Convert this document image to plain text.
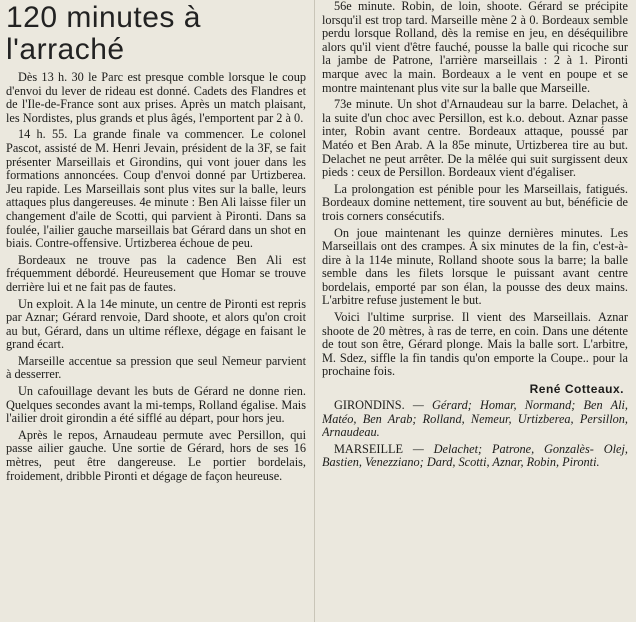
120 minutes à l'arraché

Dès 13 h. 30 le Parc est presque comble lorsque le coup d'envoi du lever de rideau est donné. Cadets des Flandres et de l'Ile-de-France sont aux prises. Après un match plaisant, les Nordistes, plus grands et plus âgés, l'emportent par 2 à 0.

14 h. 55. La grande finale va commencer. Le colonel Pascot, assisté de M. Henri Jevain, président de la 3F, se fait présenter Marseillais et Girondins, qui vont jouer dans les formations annoncées. Coup d'envoi donné par Urtizberea. Jeu rapide. Les Marseillais sont plus vites sur la balle, leurs attaques plus dangereuses. 4e minute : Ben Ali laisse filer un changement d'aile de Scotti, qui parvient à Pironti. Dans sa foulée, l'ailier gauche marseillais bat Gérard dans un shot en biais. Contre-offensive. Urtizberea échoue de peu.

Bordeaux ne trouve pas la cadence Ben Ali est fréquemment débordé. Heureusement que Homar se trouve derrière lui et ne fait pas de fautes.

Un exploit. A la 14e minute, un centre de Pironti est repris par Aznar; Gérard renvoie, Dard shoote, et alors qu'on croit au but, Gérard, dans un ultime réflexe, dégage en faisant le grand écart.

Marseille accentue sa pression que seul Nemeur parvient à desserrer.

Un cafouillage devant les buts de Gérard ne donne rien. Quelques secondes avant la mi-temps, Rolland égalise. Mais l'ailier droit girondin a été sifflé au départ, pour hors jeu.

Après le repos, Arnaudeau permute avec Persillon, qui passe ailier gauche. Une sortie de Gérard, hors de ses 16 mètres, peut être dangereuse. Le portier bordelais, froidement, dribble Pironti et dégage de façon heureuse.

56e minute. Robin, de loin, shoote. Gérard se précipite lorsqu'il est trop tard. Marseille mène 2 à 0. Bordeaux semble perdu lorsque Rolland, dès la remise en jeu, en déséquilibre alors qu'il vient d'être fauché, pousse la balle qui ricoche sur la jambe de Patrone, l'arrière marseillais : 2 à 1. Pironti marque avec la main. Bordeaux a le vent en poupe et se montre maintenant plus vite sur la balle que Marseille.

73e minute. Un shot d'Arnaudeau sur la barre. Delachet, à la suite d'un choc avec Persillon, est k.o. debout. Aznar passe inter, Robin avant centre. Bordeaux attaque, poussé par Matéo et Ben Arab. A la 85e minute, Urtizberea tire au but. Delachet ne peut arrêter. De la mêlée qui suit surgissent deux pieds : ceux de Persillon. Bordeaux vient d'égaliser.

La prolongation est pénible pour les Marseillais, fatigués. Bordeaux domine nettement, tire souvent au but, bénéficie de trois corners consécutifs.

On joue maintenant les quinze dernières minutes. Les Marseillais ont des crampes. A six minutes de la fin, c'est-à-dire à la 114e minute, Rolland shoote sous la barre; la balle semble dans les filets lorsque le puissant avant centre bordelais, emporté par son élan, la pousse des deux mains. L'arbitre refuse justement le but.

Voici l'ultime surprise. Il vient des Marseillais. Aznar shoote de 20 mètres, à ras de terre, en coin. Dans une détente de tout son être, Gérard plonge. Mais la balle sort. L'arbitre, M. Sdez, siffle la fin tandis qu'on emporte la Coupe.. pour la prochaine fois.

René Cotteaux.
GIRONDINS. — Gérard; Homar, Normand; Ben Ali, Matéo, Ben Arab; Rolland, Nemeur, Urtizberea, Persillon, Arnaudeau.
MARSEILLE — Delachet; Patrone, Gonzalès- Olej, Bastien, Venezziano; Dard, Scotti, Aznar, Robin, Pironti.
